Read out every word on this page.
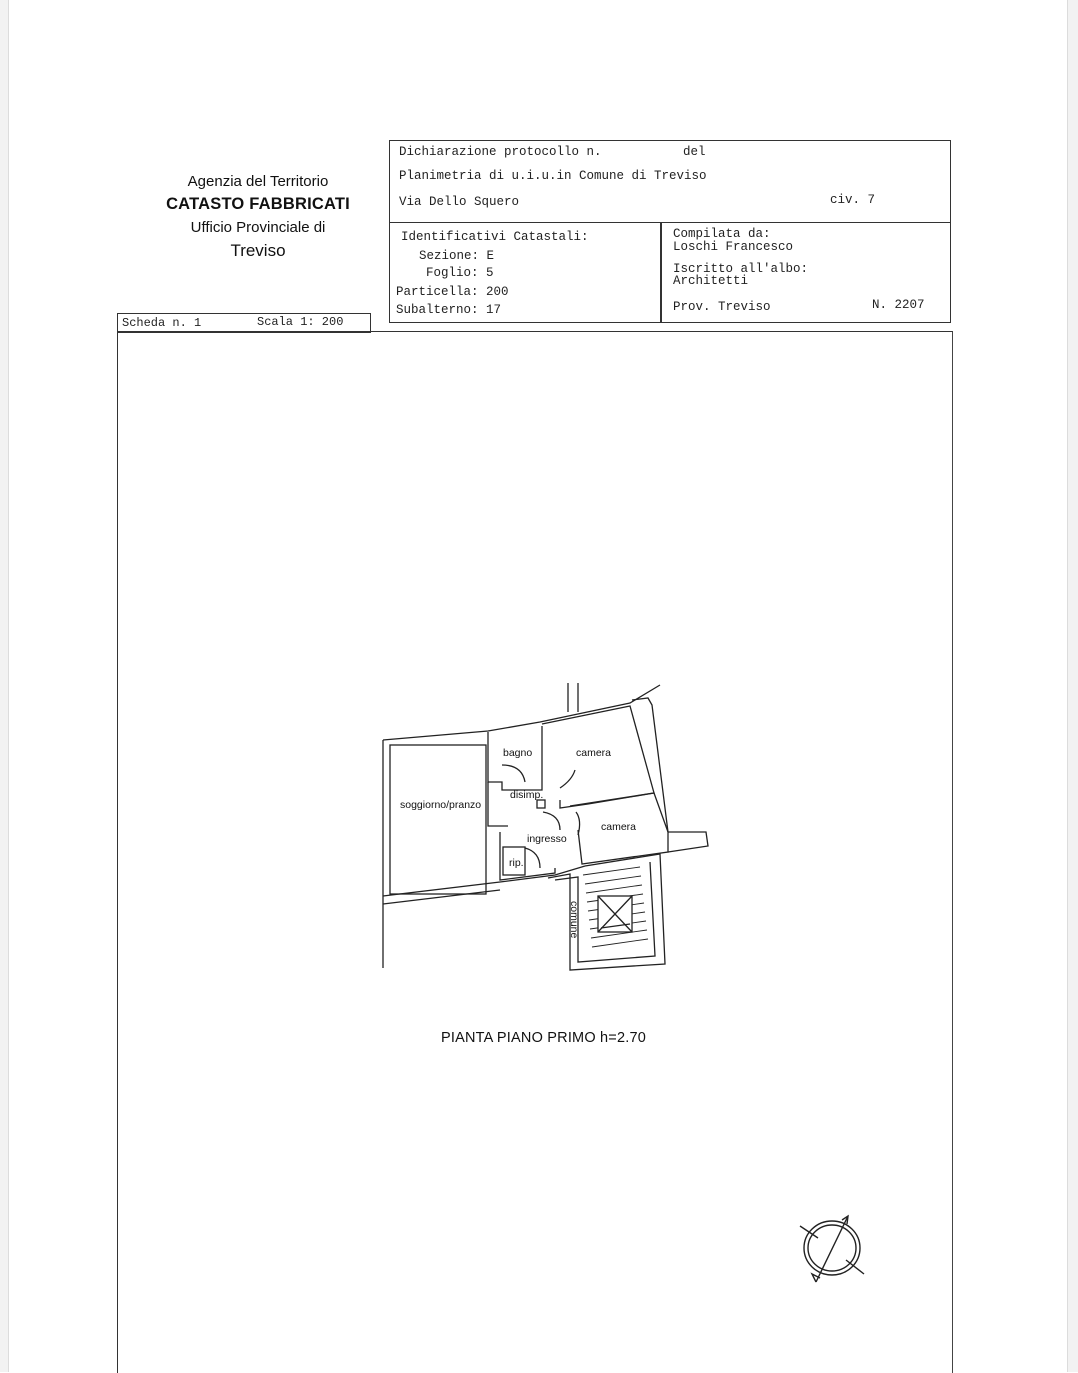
Agenzia del Territorio
CATASTO FABBRICATI
Ufficio Provinciale di
Treviso
Dichiarazione protocollo n.	del
Planimetria di u.i.u.in Comune di Treviso
Via Dello Squero	civ. 7
Identificativi Catastali:
Sezione: E
Foglio: 5
Particella: 200
Subalterno: 17
Compilata da:
Loschi Francesco
Iscritto all'albo:
Architetti
Prov. Treviso	N. 2207
Scheda n. 1	Scala 1: 200
bagno	camera
soggiorno/pranzo
disimp.
camera
ingresso
rip.
comune
PIANTA PIANO PRIMO h=2.70
